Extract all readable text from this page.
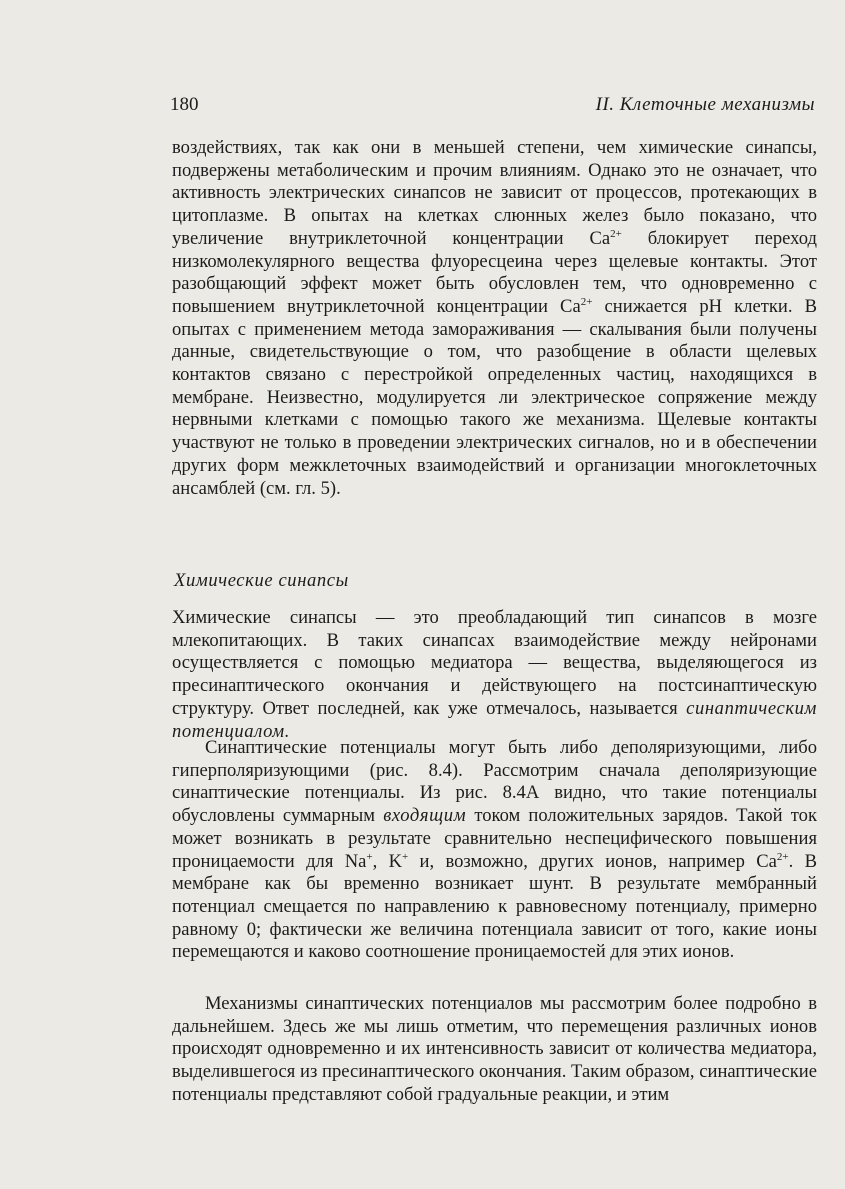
180	II. Клеточные механизмы

воздействиях, так как они в меньшей степени, чем химические синапсы, подвержены метаболическим и прочим влияниям. Однако это не означает, что активность электрических синапсов не зависит от процессов, протекающих в цитоплазме. В опытах на клетках слюнных желез было показано, что увеличение внутриклеточной концентрации $Ca^{2+}$ блокирует переход низкомолекулярного вещества флуоресцеина через щелевые контакты. Этот разобщающий эффект может быть обусловлен тем, что одновременно с повышением внутриклеточной концентрации $Ca^{2+}$ снижается pH клетки. В опытах с применением метода замораживания — скалывания были получены данные, свидетельствующие о том, что разобщение в области щелевых контактов связано с перестройкой определенных частиц, находящихся в мембране. Неизвестно, модулируется ли электрическое сопряжение между нервными клетками с помощью такого же механизма. Щелевые контакты участвуют не только в проведении электрических сигналов, но и в обеспечении других форм межклеточных взаимодействий и организации многоклеточных ансамблей (см. гл. 5).

Химические синапсы

Химические синапсы — это преобладающий тип синапсов в мозге млекопитающих. В таких синапсах взаимодействие между нейронами осуществляется с помощью медиатора — вещества, выделяющегося из пресинаптического окончания и действующего на постсинаптическую структуру. Ответ последней, как уже отмечалось, называется синаптическим потенциалом.

Синаптические потенциалы могут быть либо деполяризующими, либо гиперполяризующими (рис. 8.4). Рассмотрим сначала деполяризующие синаптические потенциалы. Из рис. 8.4А видно, что такие потенциалы обусловлены суммарным входящим током положительных зарядов. Такой ток может возникать в результате сравнительно неспецифического повышения проницаемости для Na+, K+ и, возможно, других ионов, например $Ca^{2+}$. В мембране как бы временно возникает шунт. В результате мембранный потенциал смещается по направлению к равновесному потенциалу, примерно равному 0; фактически же величина потенциала зависит от того, какие ионы перемещаются и каково соотношение проницаемостей для этих ионов.

Механизмы синаптических потенциалов мы рассмотрим более подробно в дальнейшем. Здесь же мы лишь отметим, что перемещения различных ионов происходят одновременно и их интенсивность зависит от количества медиатора, выделившегося из пресинаптического окончания. Таким образом, синаптические потенциалы представляют собой градуальные реакции, и этим
